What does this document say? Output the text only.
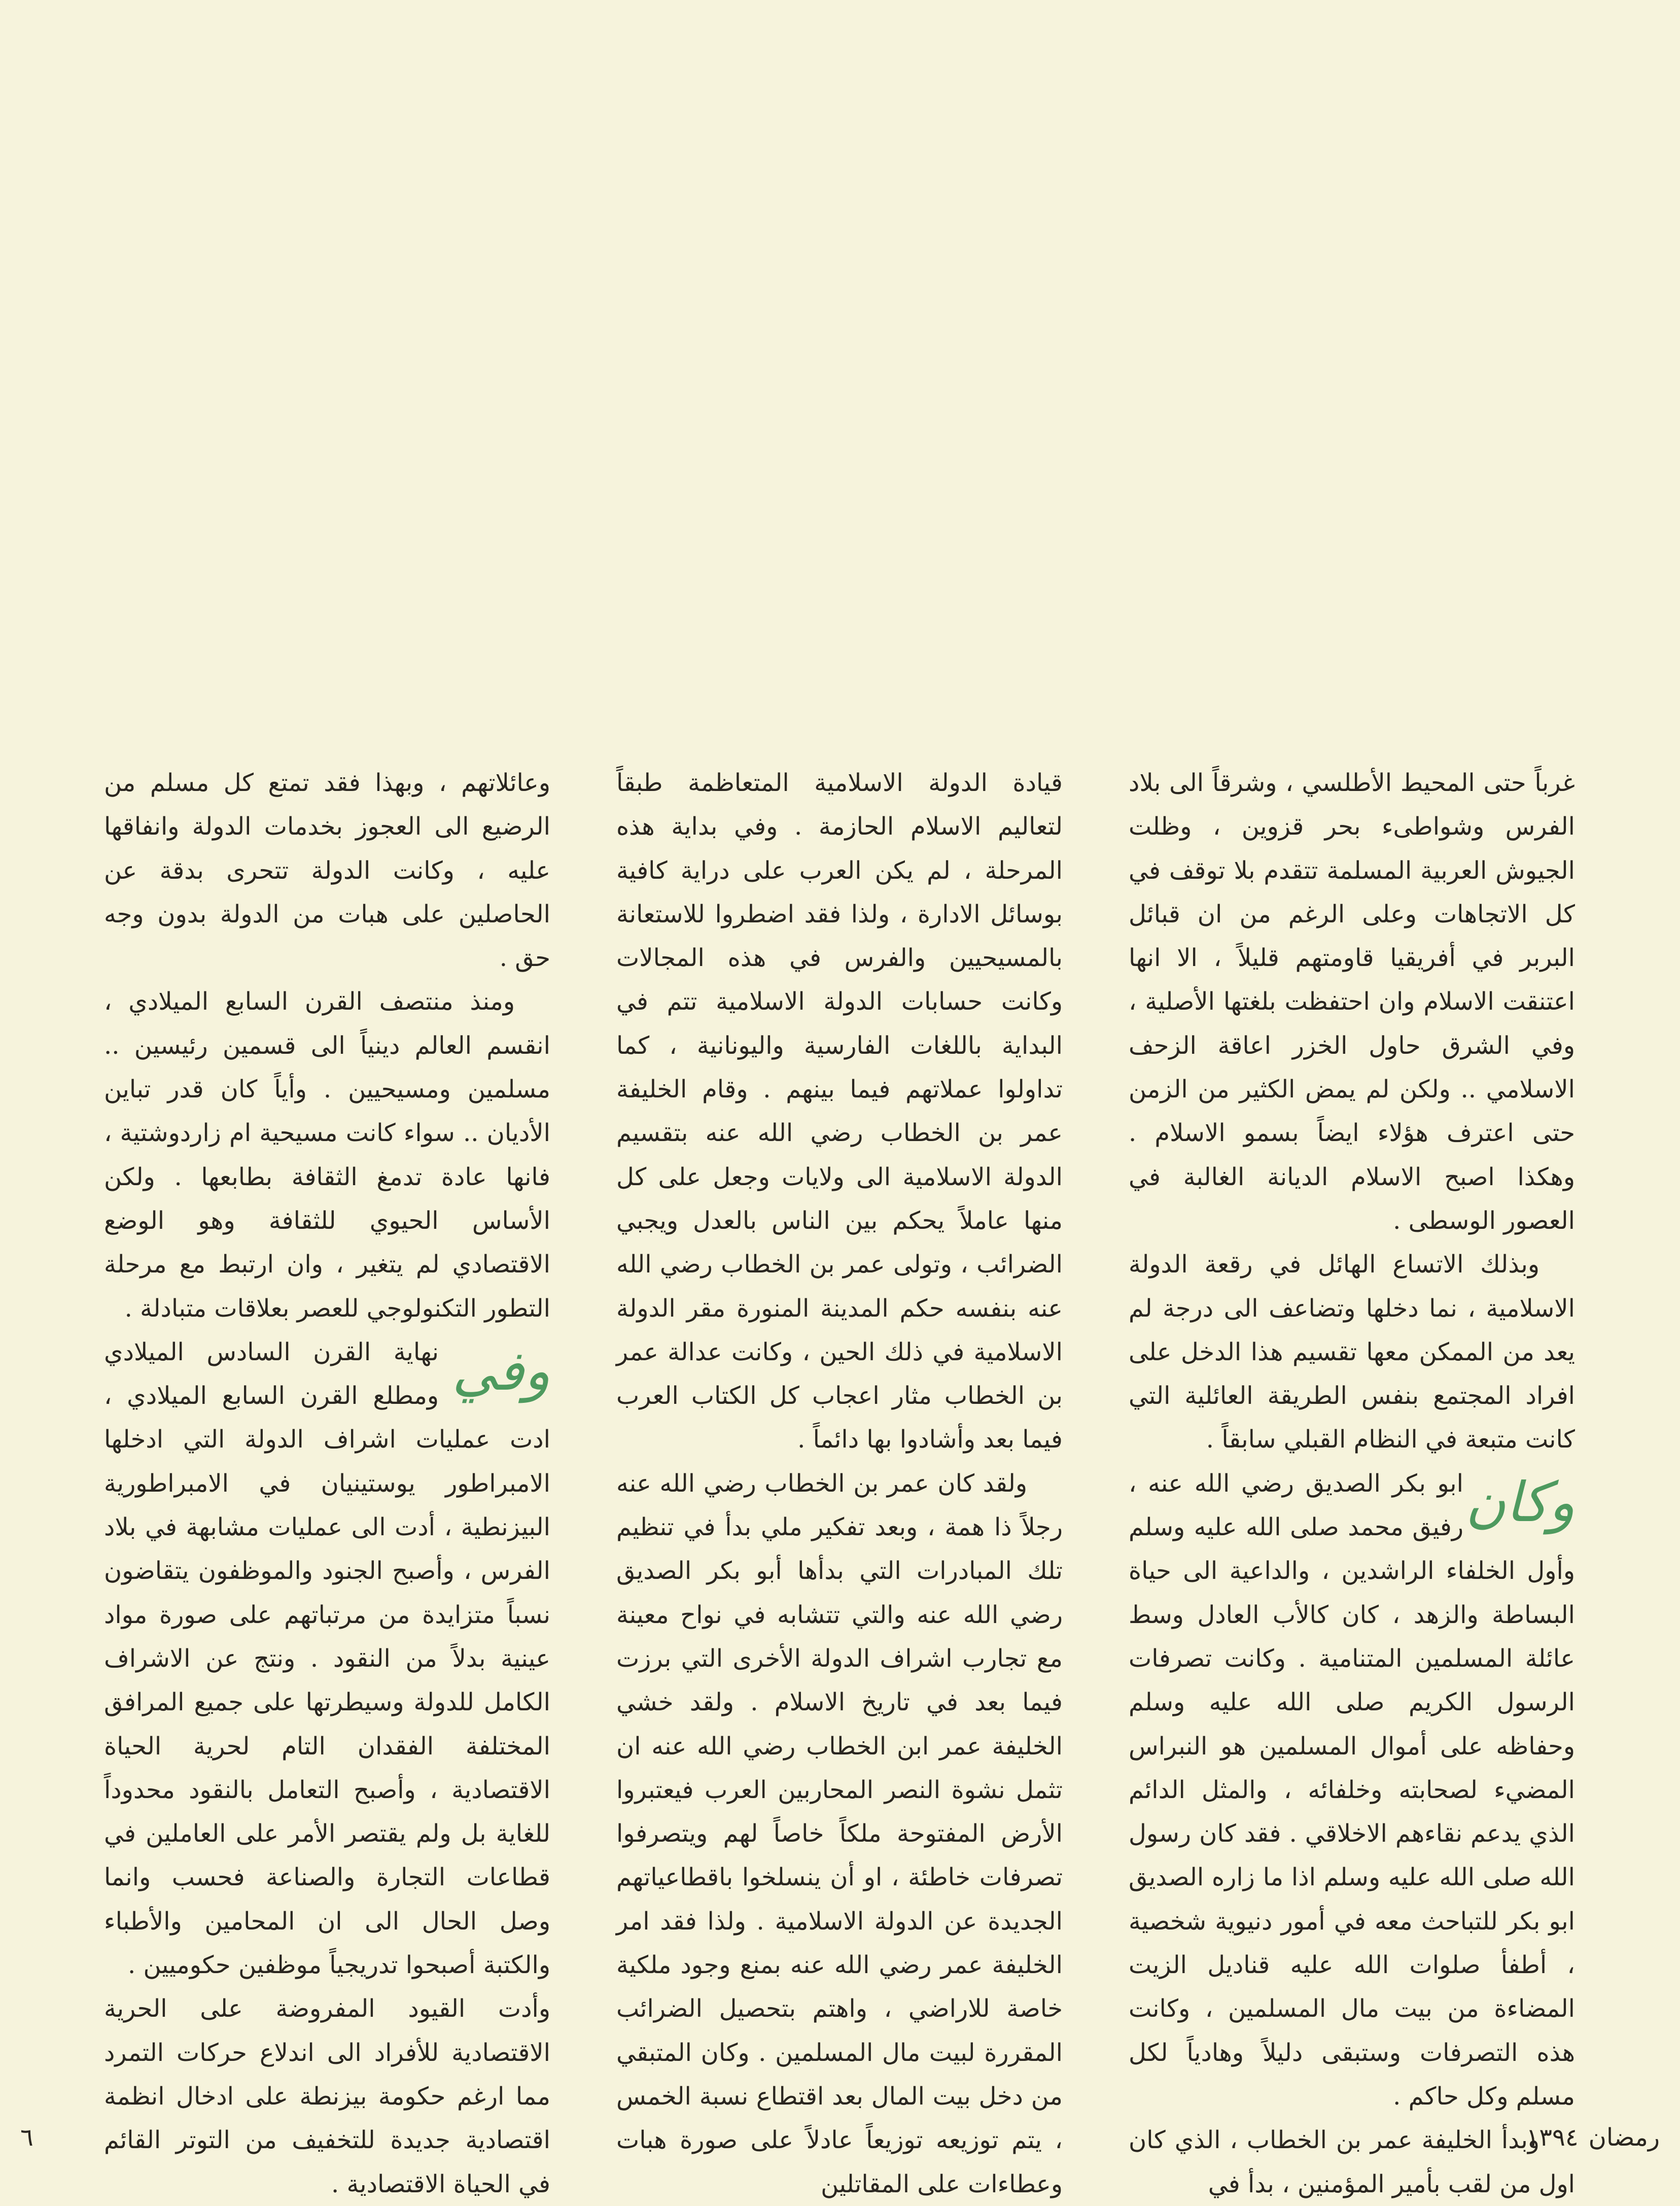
غرباً حتى المحيط الأطلسي ، وشرقاً الى بلاد الفرس وشواطىء بحر قزوين ، وظلت الجيوش العربية المسلمة تتقدم بلا توقف في كل الاتجاهات وعلى الرغم من ان قبائل البربر في أفريقيا قاومتهم قليلاً ، الا انها اعتنقت الاسلام وان احتفظت بلغتها الأصلية ، وفي الشرق حاول الخزر اعاقة الزحف الاسلامي .. ولكن لم يمض الكثير من الزمن حتى اعترف هؤلاء ايضاً بسمو الاسلام . وهكذا اصبح الاسلام الديانة الغالبة في العصور الوسطى .

وبذلك الاتساع الهائل في رقعة الدولة الاسلامية ، نما دخلها وتضاعف الى درجة لم يعد من الممكن معها تقسيم هذا الدخل على افراد المجتمع بنفس الطريقة العائلية التي كانت متبعة في النظام القبلي سابقاً .

وكان

ابو بكر الصديق رضي الله عنه ، رفيق محمد صلى الله عليه وسلم وأول الخلفاء الراشدين ، والداعية الى حياة البساطة والزهد ، كان كالأب العادل وسط عائلة المسلمين المتنامية . وكانت تصرفات الرسول الكريم صلى الله عليه وسلم وحفاظه على أموال المسلمين هو النبراس المضيء لصحابته وخلفائه ، والمثل الدائم الذي يدعم نقاءهم الاخلاقي . فقد كان رسول الله صلى الله عليه وسلم اذا ما زاره الصديق ابو بكر للتباحث معه في أمور دنيوية شخصية ، أطفأ صلوات الله عليه قناديل الزيت المضاءة من بيت مال المسلمين ، وكانت هذه التصرفات وستبقى دليلاً وهادياً لكل مسلم وكل حاكم .

وبدأ الخليفة عمر بن الخطاب ، الذي كان اول من لقب بأمير المؤمنين ، بدأ في

قيادة الدولة الاسلامية المتعاظمة طبقاً لتعاليم الاسلام الحازمة . وفي بداية هذه المرحلة ، لم يكن العرب على دراية كافية بوسائل الادارة ، ولذا فقد اضطروا للاستعانة بالمسيحيين والفرس في هذه المجالات وكانت حسابات الدولة الاسلامية تتم في البداية باللغات الفارسية واليونانية ، كما تداولوا عملاتهم فيما بينهم . وقام الخليفة عمر بن الخطاب رضي الله عنه بتقسيم الدولة الاسلامية الى ولايات وجعل على كل منها عاملاً يحكم بين الناس بالعدل ويجبي الضرائب ، وتولى عمر بن الخطاب رضي الله عنه بنفسه حكم المدينة المنورة مقر الدولة الاسلامية في ذلك الحين ، وكانت عدالة عمر بن الخطاب مثار اعجاب كل الكتاب العرب فيما بعد وأشادوا بها دائماً .

ولقد كان عمر بن الخطاب رضي الله عنه رجلاً ذا همة ، وبعد تفكير ملي بدأ في تنظيم تلك المبادرات التي بدأها أبو بكر الصديق رضي الله عنه والتي تتشابه في نواح معينة مع تجارب اشراف الدولة الأخرى التي برزت فيما بعد في تاريخ الاسلام . ولقد خشي الخليفة عمر ابن الخطاب رضي الله عنه ان تثمل نشوة النصر المحاربين العرب فيعتبروا الأرض المفتوحة ملكاً خاصاً لهم ويتصرفوا تصرفات خاطئة ، او أن ينسلخوا باقطاعياتهم الجديدة عن الدولة الاسلامية . ولذا فقد امر الخليفة عمر رضي الله عنه بمنع وجود ملكية خاصة للاراضي ، واهتم بتحصيل الضرائب المقررة لبيت مال المسلمين . وكان المتبقي من دخل بيت المال بعد اقتطاع نسبة الخمس ، يتم توزيعه توزيعاً عادلاً على صورة هبات وعطاءات على المقاتلين

وعائلاتهم ، وبهذا فقد تمتع كل مسلم من الرضيع الى العجوز بخدمات الدولة وانفاقها عليه ، وكانت الدولة تتحرى بدقة عن الحاصلين على هبات من الدولة بدون وجه حق .

ومنذ منتصف القرن السابع الميلادي ، انقسم العالم دينياً الى قسمين رئيسين .. مسلمين ومسيحيين . وأياً كان قدر تباين الأديان .. سواء كانت مسيحية ام زاردوشتية ، فانها عادة تدمغ الثقافة بطابعها . ولكن الأساس الحيوي للثقافة وهو الوضع الاقتصادي لم يتغير ، وان ارتبط مع مرحلة التطور التكنولوجي للعصر بعلاقات متبادلة .

وفي

نهاية القرن السادس الميلادي ومطلع القرن السابع الميلادي ، ادت عمليات اشراف الدولة التي ادخلها الامبراطور يوستينيان في الامبراطورية البيزنطية ، أدت الى عمليات مشابهة في بلاد الفرس ، وأصبح الجنود والموظفون يتقاضون نسباً متزايدة من مرتباتهم على صورة مواد عينية بدلاً من النقود . ونتج عن الاشراف الكامل للدولة وسيطرتها على جميع المرافق المختلفة الفقدان التام لحرية الحياة الاقتصادية ، وأصبح التعامل بالنقود محدوداً للغاية بل ولم يقتصر الأمر على العاملين في قطاعات التجارة والصناعة فحسب وانما وصل الحال الى ان المحامين والأطباء والكتبة أصبحوا تدريجياً موظفين حكوميين .

وأدت القيود المفروضة على الحرية الاقتصادية للأفراد الى اندلاع حركات التمرد مما ارغم حكومة بيزنطة على ادخال انظمة اقتصادية جديدة للتخفيف من التوتر القائم في الحياة الاقتصادية .

٦	رمضان١٣٩٤
